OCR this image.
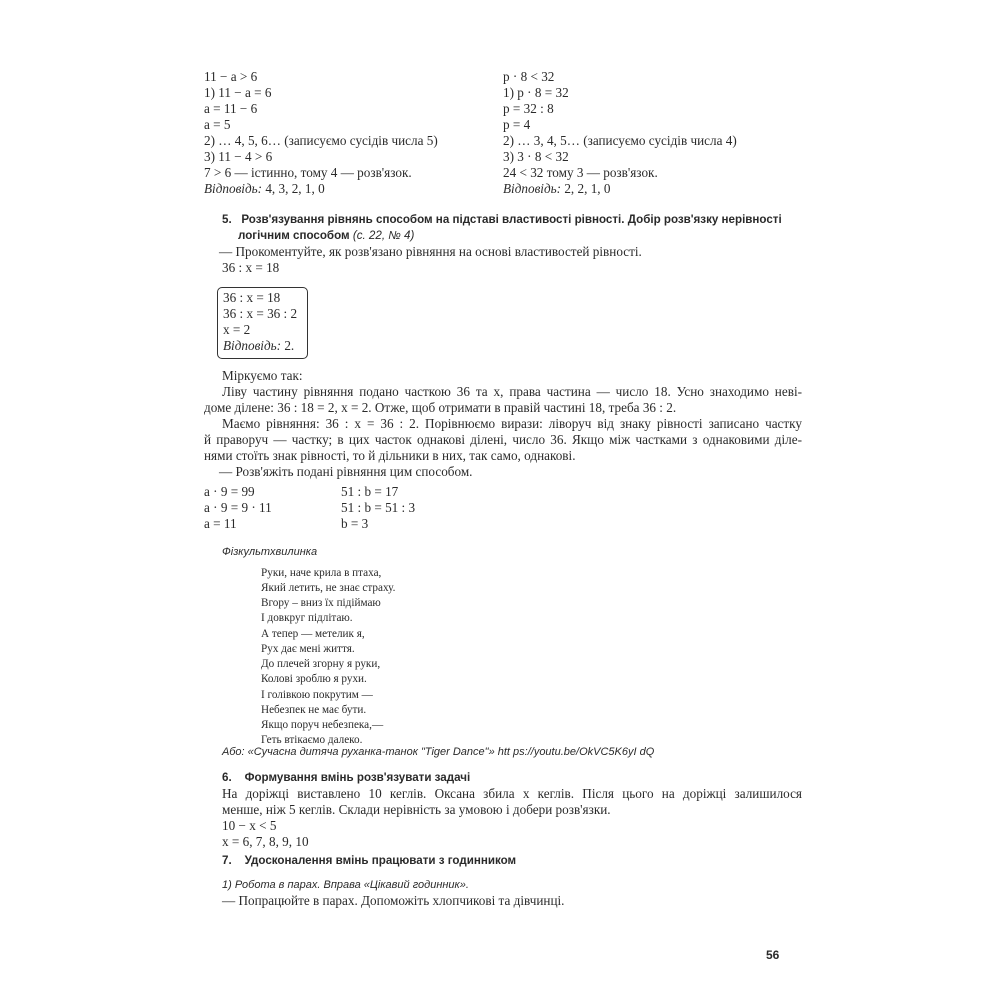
11 − a > 6
1) 11 − a = 6
a = 11 − 6
a = 5
2) … 4, 5, 6… (записуємо сусідів числа 5)
3) 11 − 4 > 6
7 > 6 — істинно, тому 4 — розв'язок.
Відповідь: 4, 3, 2, 1, 0
p · 8 < 32
1) p · 8 = 32
p = 32 : 8
p = 4
2) … 3, 4, 5… (записуємо сусідів числа 4)
3) 3 · 8 < 32
24 < 32 тому 3 — розв'язок.
Відповідь: 2, 2, 1, 0
5. Розв'язування рівнянь способом на підставі властивості рівності. Добір розв'язку нерівності
логічним способом (с. 22, № 4)
— Прокоментуйте, як розв'язано рівняння на основі властивостей рівності.
36 : x = 18
36 : x = 18
36 : x = 36 : 2
x = 2
Відповідь: 2.
Міркуємо так:
Ліву частину рівняння подано часткою 36 та x, права частина — число 18. Усно знаходимо неві-
доме ділене: 36 : 18 = 2, x = 2. Отже, щоб отримати в правій частині 18, треба 36 : 2.
Маємо рівняння: 36 : x = 36 : 2. Порівнюємо вирази: ліворуч від знаку рівності записано частку
й праворуч — частку; в цих часток однакові ділені, число 36. Якщо між частками з однаковими діле-
нями стоїть знак рівності, то й дільники в них, так само, однакові.
— Розв'яжіть подані рівняння цим способом.
a · 9 = 99
a · 9 = 9 · 11
a = 11
51 : b = 17
51 : b = 51 : 3
b = 3
Фізкультхвилинка
Руки, наче крила в птаха,
Який летить, не знає страху.
Вгору – вниз їх підіймаю
І довкруг підлітаю.
А тепер — метелик я,
Рух дає мені життя.
До плечей згорну я руки,
Колові зроблю я рухи.
І голівкою покрутим —
Небезпек не має бути.
Якщо поруч небезпека,—
Геть втікаємо далеко.
Або: «Сучасна дитяча руханка-танок "Tiger Dance"» htt ps://youtu.be/OkVC5K6yI dQ
6. Формування вмінь розв'язувати задачі
На доріжці виставлено 10 кеглів. Оксана збила x кеглів. Після цього на доріжці залишилося
менше, ніж 5 кеглів. Склади нерівність за умовою і добери розв'язки.
10 − x < 5
x = 6, 7, 8, 9, 10
7. Удосконалення вмінь працювати з годинником
1) Робота в парах. Вправа «Цікавий годинник».
— Попрацюйте в парах. Допоможіть хлопчикові та дівчинці.
56
